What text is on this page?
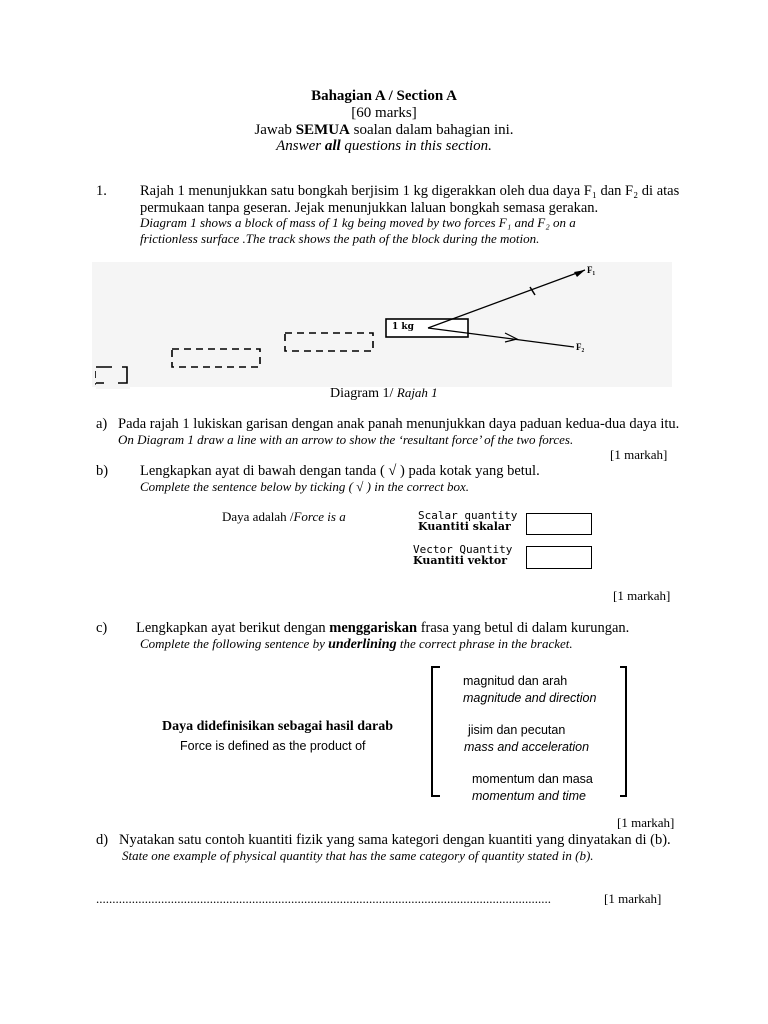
Bahagian A / Section A
[60 marks]
Jawab SEMUA soalan dalam bahagian ini.
Answer all questions in this section.
1. Rajah 1 menunjukkan satu bongkah berjisim 1 kg digerakkan oleh dua daya F₁ dan F₂ di atas
permukaan tanpa geseran. Jejak menunjukkan laluan bongkah semasa gerakan.
Diagram 1 shows a block of mass of 1 kg being moved by two forces F₁ and F₂ on a
frictionless surface .The track shows the path of the block during the motion.
1 kg
F₁
F₂
Diagram 1/ Rajah 1
a) Pada rajah 1 lukiskan garisan dengan anak panah menunjukkan daya paduan kedua-dua daya itu.
On Diagram 1 draw a line with an arrow to show the ‘resultant force’ of the two forces.
[1 markah]
b) Lengkapkan ayat di bawah dengan tanda ( √ ) pada kotak yang betul.
Complete the sentence below by ticking ( √ ) in the correct box.
Daya adalah /Force is a	Scalar quantity
Kuantiti skalar
Vector Quantity
Kuantiti vektor
[1 markah]
c) Lengkapkan ayat berikut dengan menggariskan frasa yang betul di dalam kurungan.
Complete the following sentence by underlining the correct phrase in the bracket.
Daya didefinisikan sebagai hasil darab
Force is defined as the product of
magnitud dan arah
magnitude and direction
jisim dan pecutan
mass and acceleration
momentum dan masa
momentum and time
[1 markah]
d) Nyatakan satu contoh kuantiti fizik yang sama kategori dengan kuantiti yang dinyatakan di (b).
State one example of physical quantity that has the same category of quantity stated in (b).
............................................................................................................................................	[1 markah]
